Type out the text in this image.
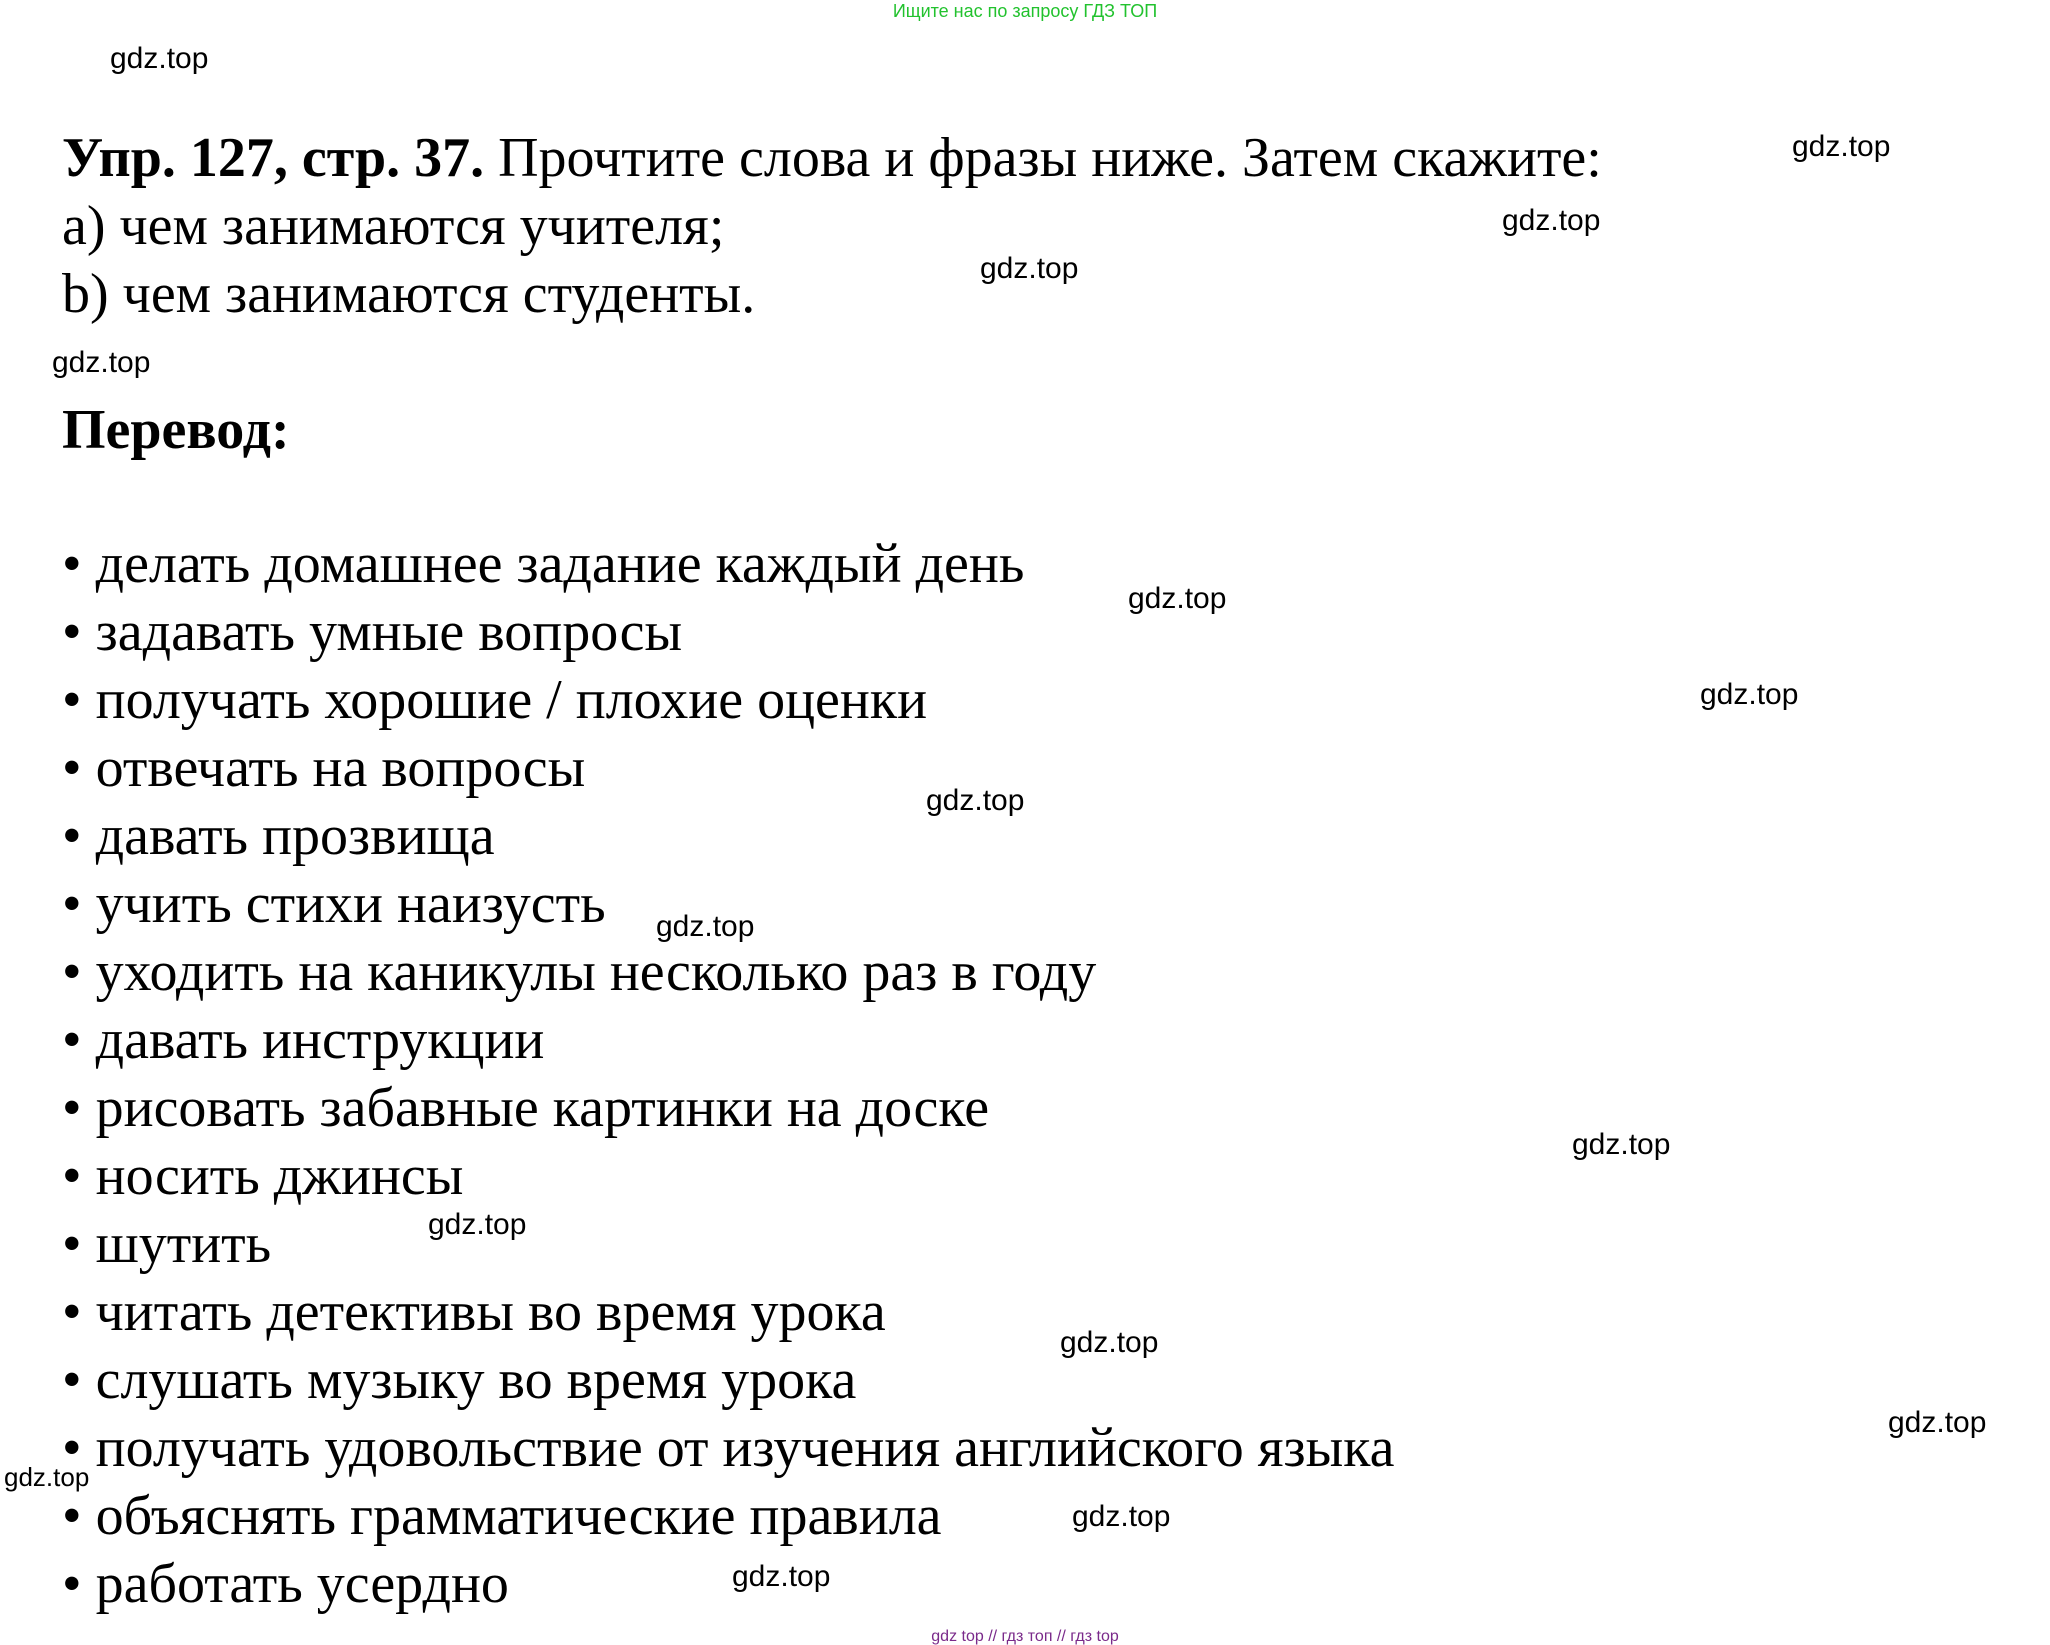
Ищите нас по запросу ГДЗ ТОП
gdz.top
gdz.top
gdz.top
gdz.top
gdz.top
gdz.top
gdz.top
gdz.top
gdz.top
gdz.top
gdz.top
gdz.top
gdz.top
gdz.top
gdz.top
gdz.top
Упр. 127, стр. 37. Прочтите слова и фразы ниже. Затем скажите:
a) чем занимаются учителя;
b) чем занимаются студенты.
Перевод:
• делать домашнее задание каждый день
• задавать умные вопросы
• получать хорошие / плохие оценки
• отвечать на вопросы
• давать прозвища
• учить стихи наизусть
• уходить на каникулы несколько раз в году
• давать инструкции
• рисовать забавные картинки на доске
• носить джинсы
• шутить
• читать детективы во время урока
• слушать музыку во время урока
• получать удовольствие от изучения английского языка
• объяснять грамматические правила
• работать усердно
gdz top // гдз топ // гдз top
